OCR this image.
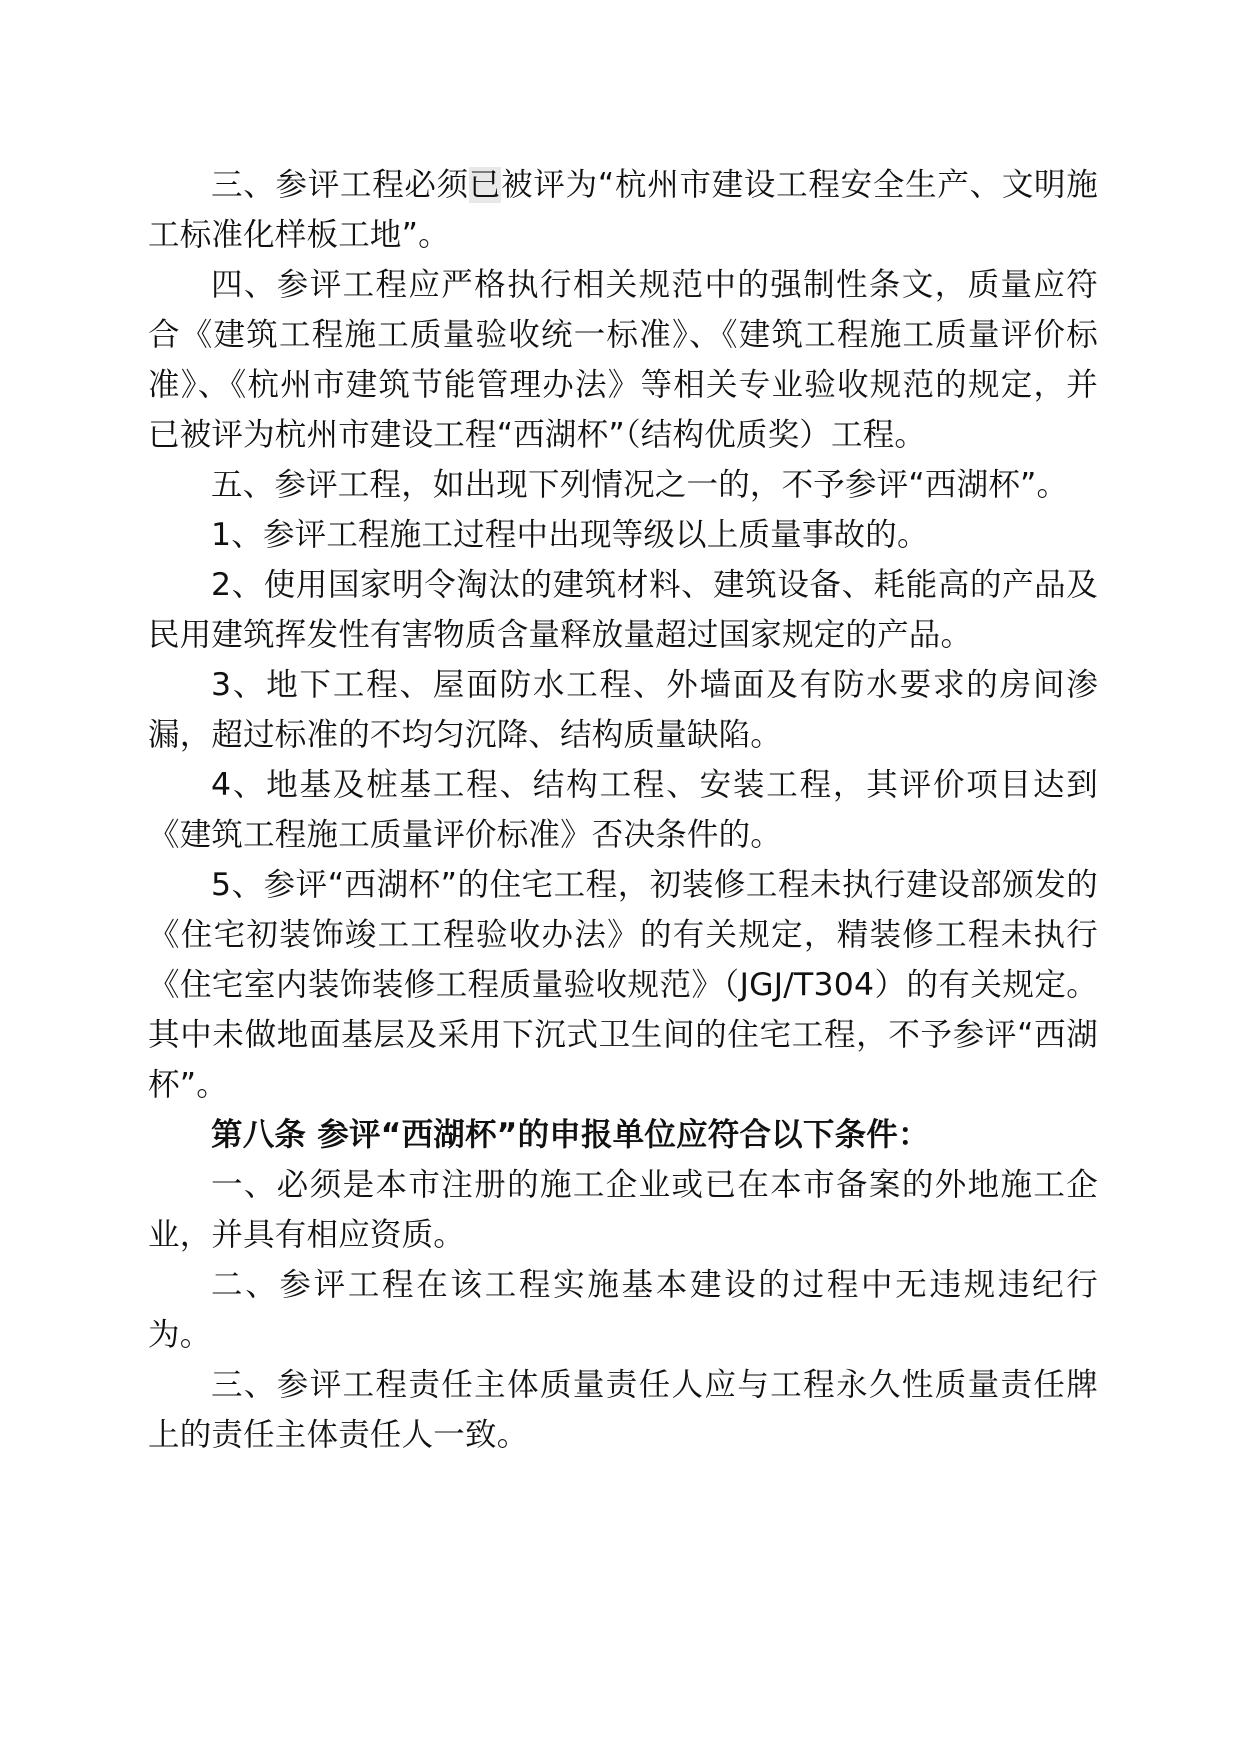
三、参评工程必须已被评为“杭州市建设工程安全生产、文明施工标准化样板工地”。

四、参评工程应严格执行相关规范中的强制性条文，质量应符合《建筑工程施工质量验收统一标准》、《建筑工程施工质量评价标准》、《杭州市建筑节能管理办法》等相关专业验收规范的规定，并已被评为杭州市建设工程“西湖杯”（结构优质奖）工程。

五、参评工程，如出现下列情况之一的，不予参评“西湖杯”。

1、参评工程施工过程中出现等级以上质量事故的。

2、使用国家明令淘汰的建筑材料、建筑设备、耗能高的产品及民用建筑挥发性有害物质含量释放量超过国家规定的产品。

3、地下工程、屋面防水工程、外墙面及有防水要求的房间渗漏，超过标准的不均匀沉降、结构质量缺陷。

4、地基及桩基工程、结构工程、安装工程，其评价项目达到《建筑工程施工质量评价标准》否决条件的。

5、参评“西湖杯”的住宅工程，初装修工程未执行建设部颁发的《住宅初装饰竣工工程验收办法》的有关规定，精装修工程未执行《住宅室内装饰装修工程质量验收规范》（JGJ/T304）的有关规定。其中未做地面基层及采用下沉式卫生间的住宅工程，不予参评“西湖杯”。

第八条 参评“西湖杯”的申报单位应符合以下条件：

一、必须是本市注册的施工企业或已在本市备案的外地施工企业，并具有相应资质。

二、参评工程在该工程实施基本建设的过程中无违规违纪行为。

三、参评工程责任主体质量责任人应与工程永久性质量责任牌上的责任主体责任人一致。
